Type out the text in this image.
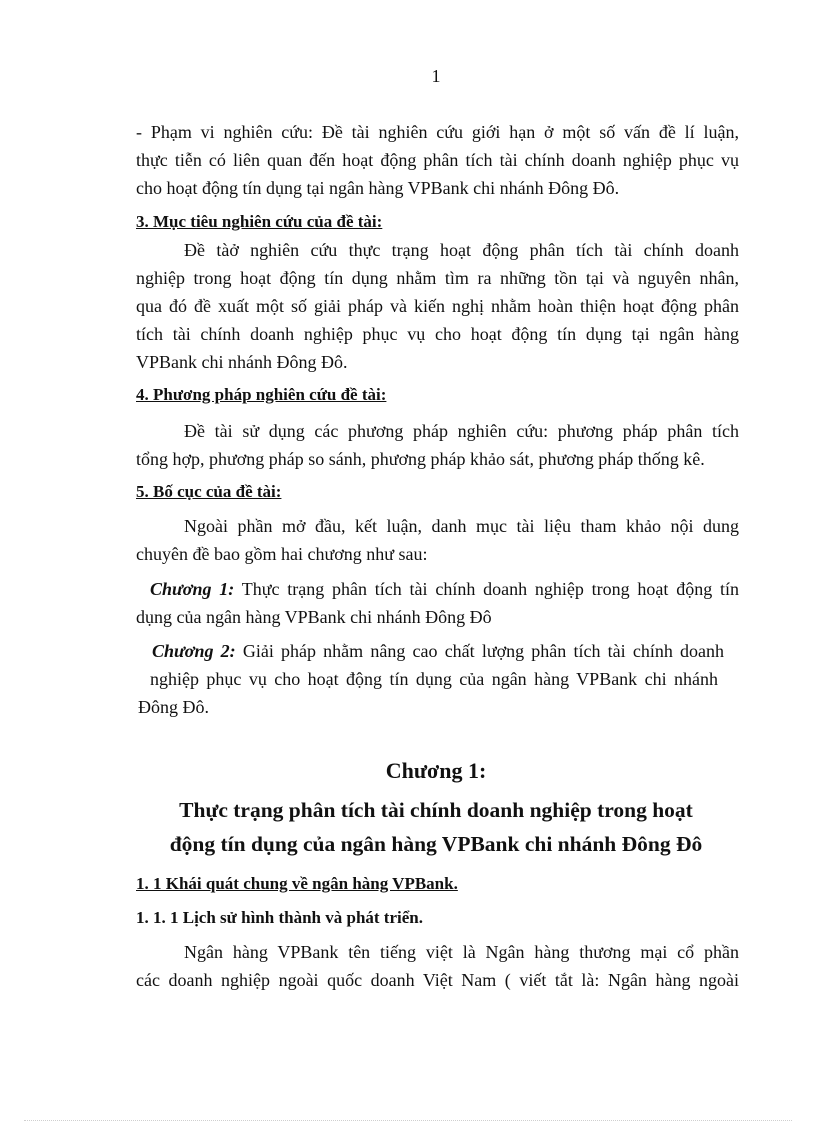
1
- Phạm vi nghiên cứu: Đề tài nghiên cứu giới hạn ở một số vấn đề lí luận,
thực tiễn có liên quan đến hoạt động phân tích tài chính doanh nghiệp phục vụ
cho hoạt động tín dụng tại ngân hàng VPBank chi nhánh Đông Đô.
3. Mục tiêu nghiên cứu của đề tài:
Đề tàở nghiên cứu thực trạng hoạt động phân tích tài chính doanh
nghiệp trong hoạt động tín dụng nhằm tìm ra những tồn tại và nguyên nhân,
qua đó đề xuất một số giải pháp và kiến nghị nhằm hoàn thiện hoạt động phân
tích tài chính doanh nghiệp phục vụ cho hoạt động tín dụng tại ngân hàng
VPBank chi nhánh Đông Đô.
4. Phương pháp nghiên cứu đề tài:
Đề tài sử dụng các phương pháp nghiên cứu: phương pháp phân tích
tổng hợp, phương pháp so sánh, phương pháp khảo sát, phương pháp thống kê.
5. Bố cục của đề tài:
Ngoài phần mở đầu, kết luận, danh mục tài liệu tham khảo nội dung
chuyên đề bao gồm hai chương như sau:
Chương 1: Thực trạng phân tích tài chính doanh nghiệp trong hoạt động tín
dụng của ngân hàng VPBank chi nhánh Đông Đô
Chương 2: Giải pháp nhằm nâng cao chất lượng phân tích tài chính doanh
nghiệp phục vụ cho hoạt động tín dụng của ngân hàng VPBank chi nhánh
Đông Đô.
Chương 1:
Thực trạng phân tích tài chính doanh nghiệp trong hoạt
động tín dụng của ngân hàng VPBank chi nhánh Đông Đô
1. 1 Khái quát chung về ngân hàng VPBank.
1. 1. 1 Lịch sử hình thành và phát triển.
Ngân hàng VPBank tên tiếng việt là Ngân hàng thương mại cổ phần
các doanh nghiệp ngoài quốc doanh Việt Nam ( viết tắt là: Ngân hàng ngoài
